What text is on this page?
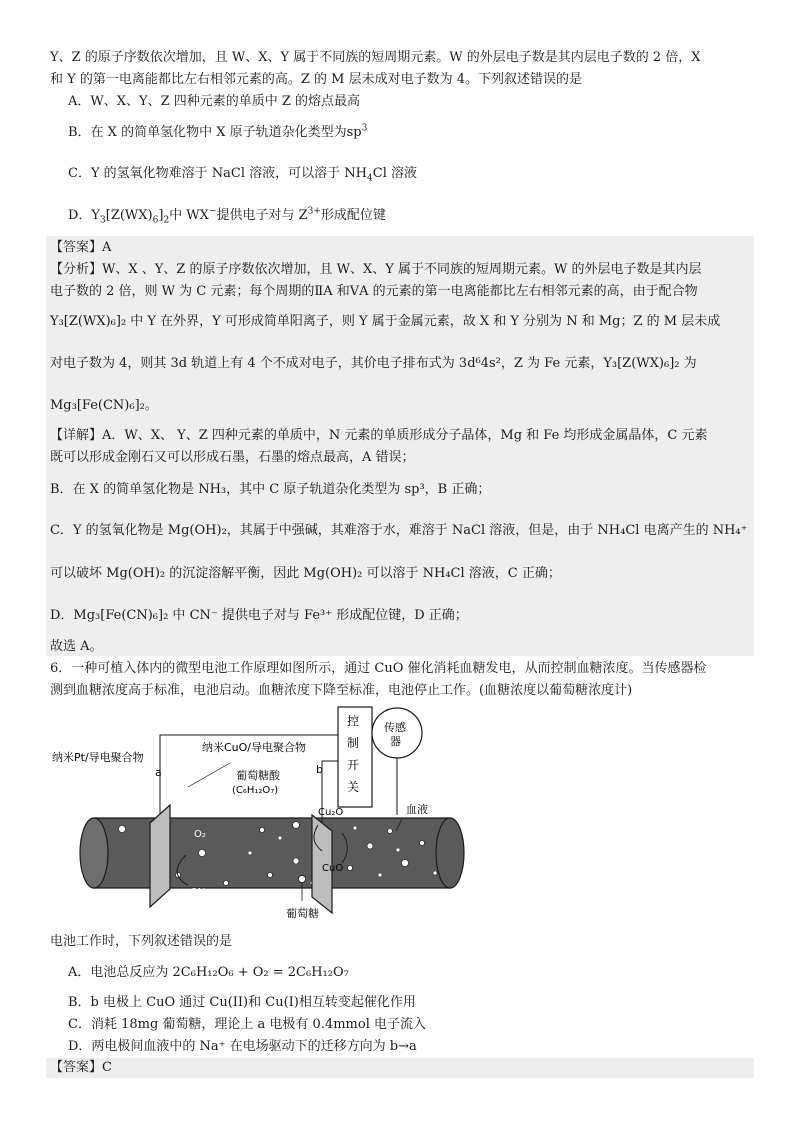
Y、Z 的原子序数依次增加，且 W、X、Y 属于不同族的短周期元素。W 的外层电子数是其内层电子数的 2 倍，X
和 Y 的第一电离能都比左右相邻元素的高。Z 的 M 层未成对电子数为 4。下列叙述错误的是
A．W、X、Y、Z 四种元素的单质中 Z 的熔点最高
B．在 X 的简单氢化物中 X 原子轨道杂化类型为$sp^3$
C．Y 的氢氧化物难溶于 NaCl 溶液，可以溶于 $NH_4Cl$ 溶液
D．$Y_3[Z(WX)_6]_2$中 WX−提供电子对与 $Z^{3+}$形成配位键
【答案】A
【分析】W、X 、Y、Z 的原子序数依次增加，且 W、X、Y 属于不同族的短周期元素。W 的外层电子数是其内层
电子数的 2 倍，则 W 为 C 元素；每个周期的ⅡA 和ⅤA 的元素的第一电离能都比左右相邻元素的高，由于配合物
Y₃[Z(WX)₆]₂ 中 Y 在外界，Y 可形成简单阳离子，则 Y 属于金属元素，故 X 和 Y 分别为 N 和 Mg；Z 的 M 层未成
对电子数为 4，则其 3d 轨道上有 4 个不成对电子，其价电子排布式为 3d⁶4s²，Z 为 Fe 元素，Y₃[Z(WX)₆]₂ 为
Mg₃[Fe(CN)₆]₂。
【详解】A．W、X、 Y、Z 四种元素的单质中，N 元素的单质形成分子晶体，Mg 和 Fe 均形成金属晶体，C 元素
既可以形成金刚石又可以形成石墨，石墨的熔点最高，A 错误；
B．在 X 的简单氢化物是 NH₃，其中 C 原子轨道杂化类型为 sp³，B 正确；
C．Y 的氢氧化物是 Mg(OH)₂，其属于中强碱，其难溶于水，难溶于 NaCl 溶液，但是，由于 NH₄Cl 电离产生的 NH₄⁺
可以破坏 Mg(OH)₂ 的沉淀溶解平衡，因此 Mg(OH)₂ 可以溶于 NH₄Cl 溶液，C 正确；
D．Mg₃[Fe(CN)₆]₂ 中 CN⁻ 提供电子对与 Fe³⁺ 形成配位键，D 正确；
故选 A。
6．一种可植入体内的微型电池工作原理如图所示，通过 CuO 催化消耗血糖发电，从而控制血糖浓度。当传感器检
测到血糖浓度高于标准，电池启动。血糖浓度下降至标准，电池停止工作。(血糖浓度以葡萄糖浓度计)
纳米Pt/导电聚合物
a	b
纳米CuO/导电聚合物
控
制
开
关
传感
器
葡萄糖酸
(C₆H₁₂O₇)
Cu₂O
CuO
O₂
OH⁻
血液
葡萄糖
电池工作时，下列叙述错误的是
A．电池总反应为 2C₆H₁₂O₆ + O₂ = 2C₆H₁₂O₇
B．b 电极上 CuO 通过 Cu(II)和 Cu(I)相互转变起催化作用
C．消耗 18mg 葡萄糖，理论上 a 电极有 0.4mmol 电子流入
D．两电极间血液中的 Na⁺ 在电场驱动下的迁移方向为 b→a
【答案】C
